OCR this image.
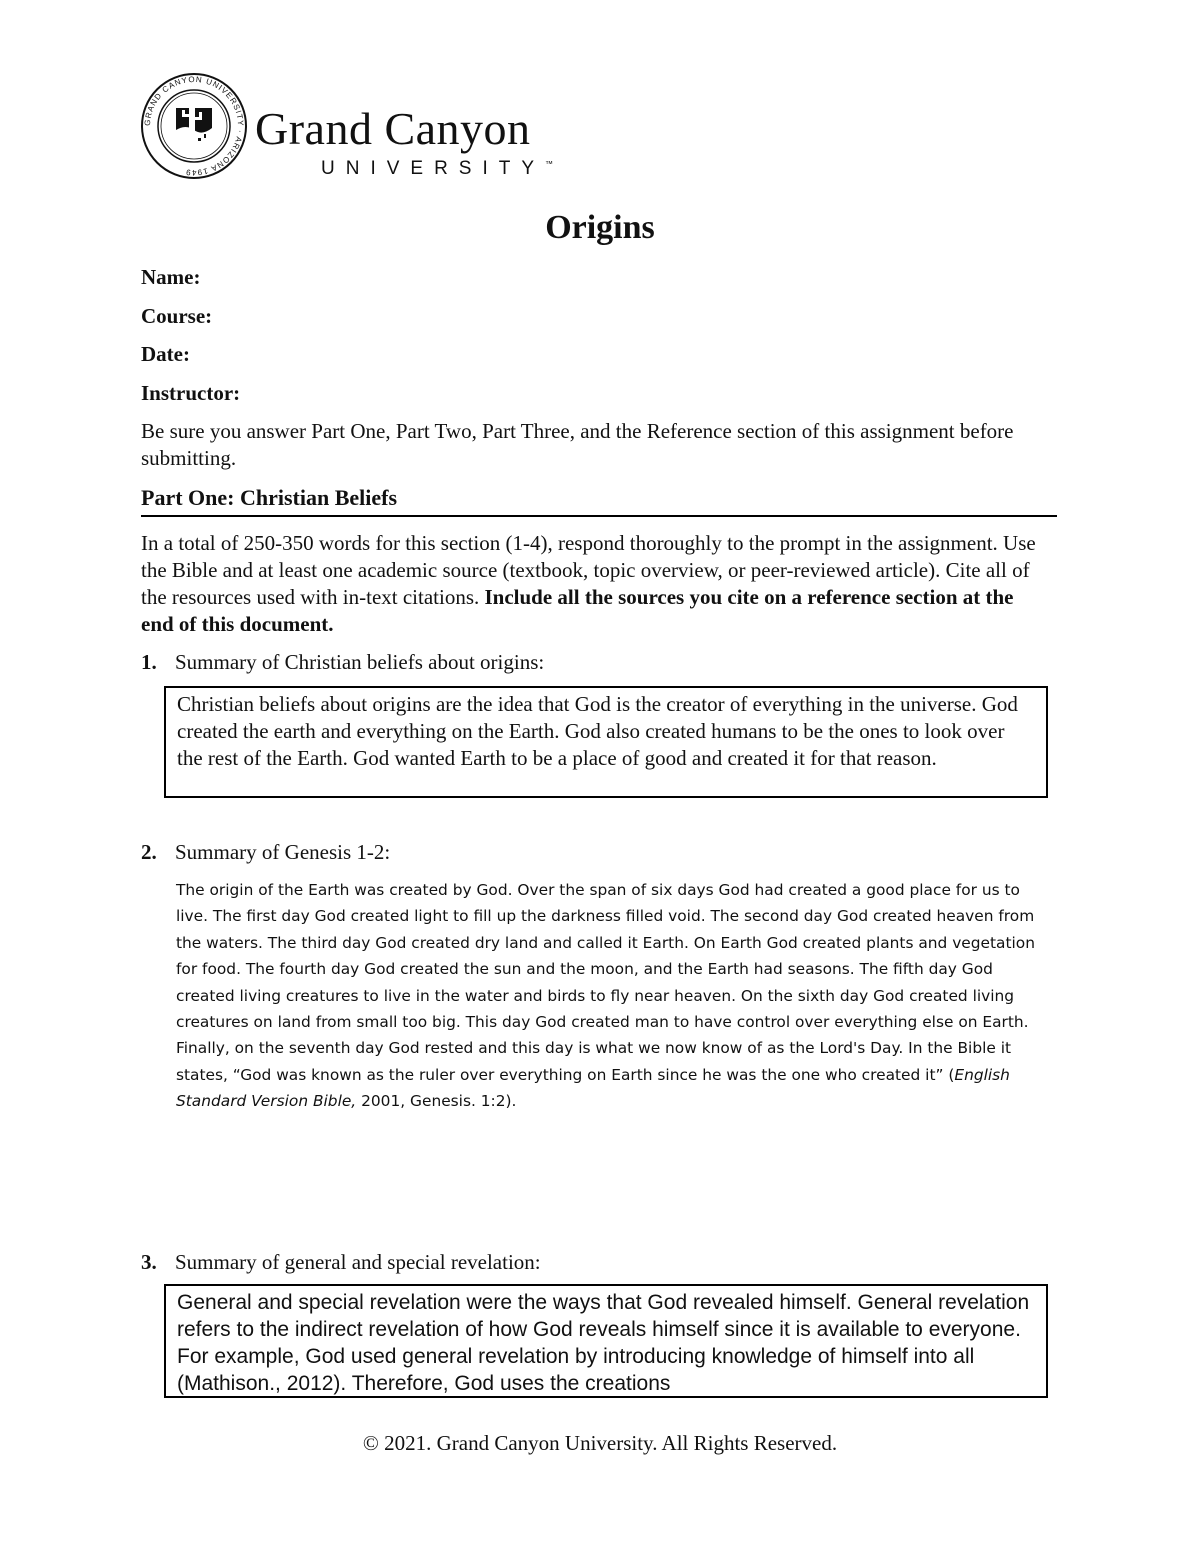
GRAND CANYON UNIVERSITY · ARIZONA 1949
Grand Canyon
UNIVERSITY™
Origins
Name:
Course:
Date:
Instructor:
Be sure you answer Part One, Part Two, Part Three, and the Reference section of this assignment before submitting.
Part One: Christian Beliefs
In a total of 250-350 words for this section (1-4), respond thoroughly to the prompt in the assignment. Use the Bible and at least one academic source (textbook, topic overview, or peer-reviewed article). Cite all of the resources used with in-text citations. Include all the sources you cite on a reference section at the end of this document.
1. Summary of Christian beliefs about origins:
Christian beliefs about origins are the idea that God is the creator of everything in the universe. God created the earth and everything on the Earth. God also created humans to be the ones to look over the rest of the Earth. God wanted Earth to be a place of good and created it for that reason.
2. Summary of Genesis 1-2:
The origin of the Earth was created by God. Over the span of six days God had created a good place for us to live. The first day God created light to fill up the darkness filled void. The second day God created heaven from the waters. The third day God created dry land and called it Earth. On Earth God created plants and vegetation for food. The fourth day God created the sun and the moon, and the Earth had seasons. The fifth day God created living creatures to live in the water and birds to fly near heaven. On the sixth day God created living creatures on land from small too big. This day God created man to have control over everything else on Earth. Finally, on the seventh day God rested and this day is what we now know of as the Lord's Day. In the Bible it states, “God was known as the ruler over everything on Earth since he was the one who created it” (English Standard Version Bible, 2001, Genesis. 1:2).
3. Summary of general and special revelation:
General and special revelation were the ways that God revealed himself. General revelation refers to the indirect revelation of how God reveals himself since it is available to everyone. For example, God used general revelation by introducing knowledge of himself into all (Mathison., 2012). Therefore, God uses the creations
© 2021. Grand Canyon University. All Rights Reserved.
